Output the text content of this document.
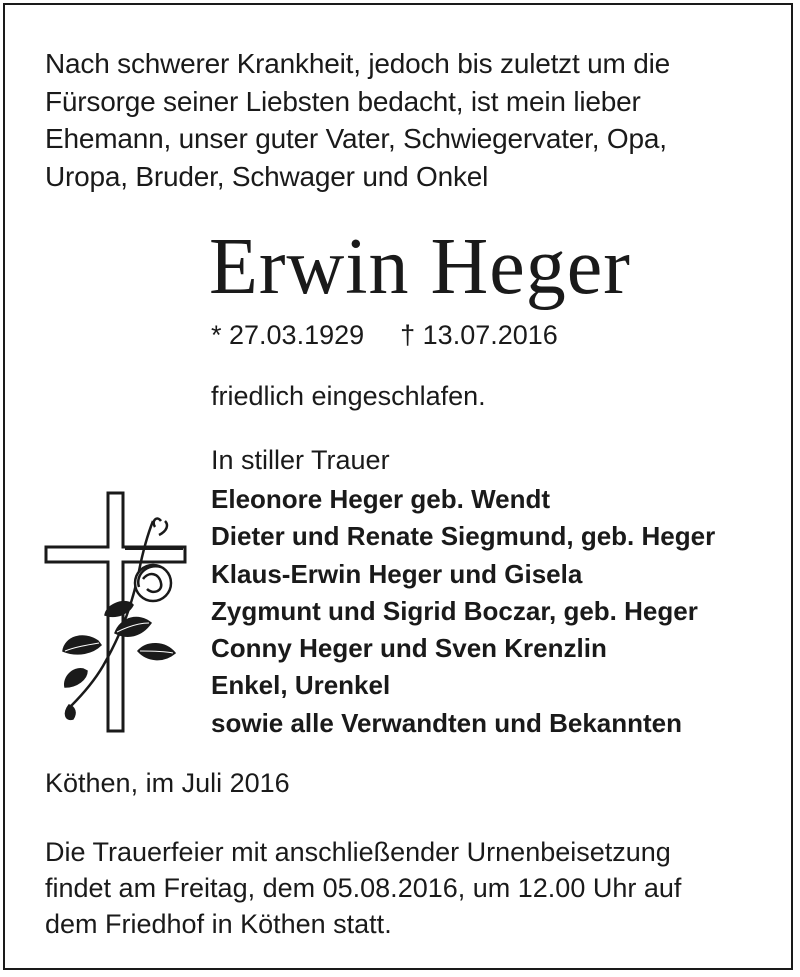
Nach schwerer Krankheit, jedoch bis zuletzt um die
Fürsorge seiner Liebsten bedacht, ist mein lieber
Ehemann, unser guter Vater, Schwiegervater, Opa,
Uropa, Bruder, Schwager und Onkel
Erwin Heger
* 27.03.1929 † 13.07.2016
friedlich eingeschlafen.
In stiller Trauer
Eleonore Heger geb. Wendt
Dieter und Renate Siegmund, geb. Heger
Klaus-Erwin Heger und Gisela
Zygmunt und Sigrid Boczar, geb. Heger
Conny Heger und Sven Krenzlin
Enkel, Urenkel
sowie alle Verwandten und Bekannten
Köthen, im Juli 2016
Die Trauerfeier mit anschließender Urnenbeisetzung
findet am Freitag, dem 05.08.2016, um 12.00 Uhr auf
dem Friedhof in Köthen statt.
